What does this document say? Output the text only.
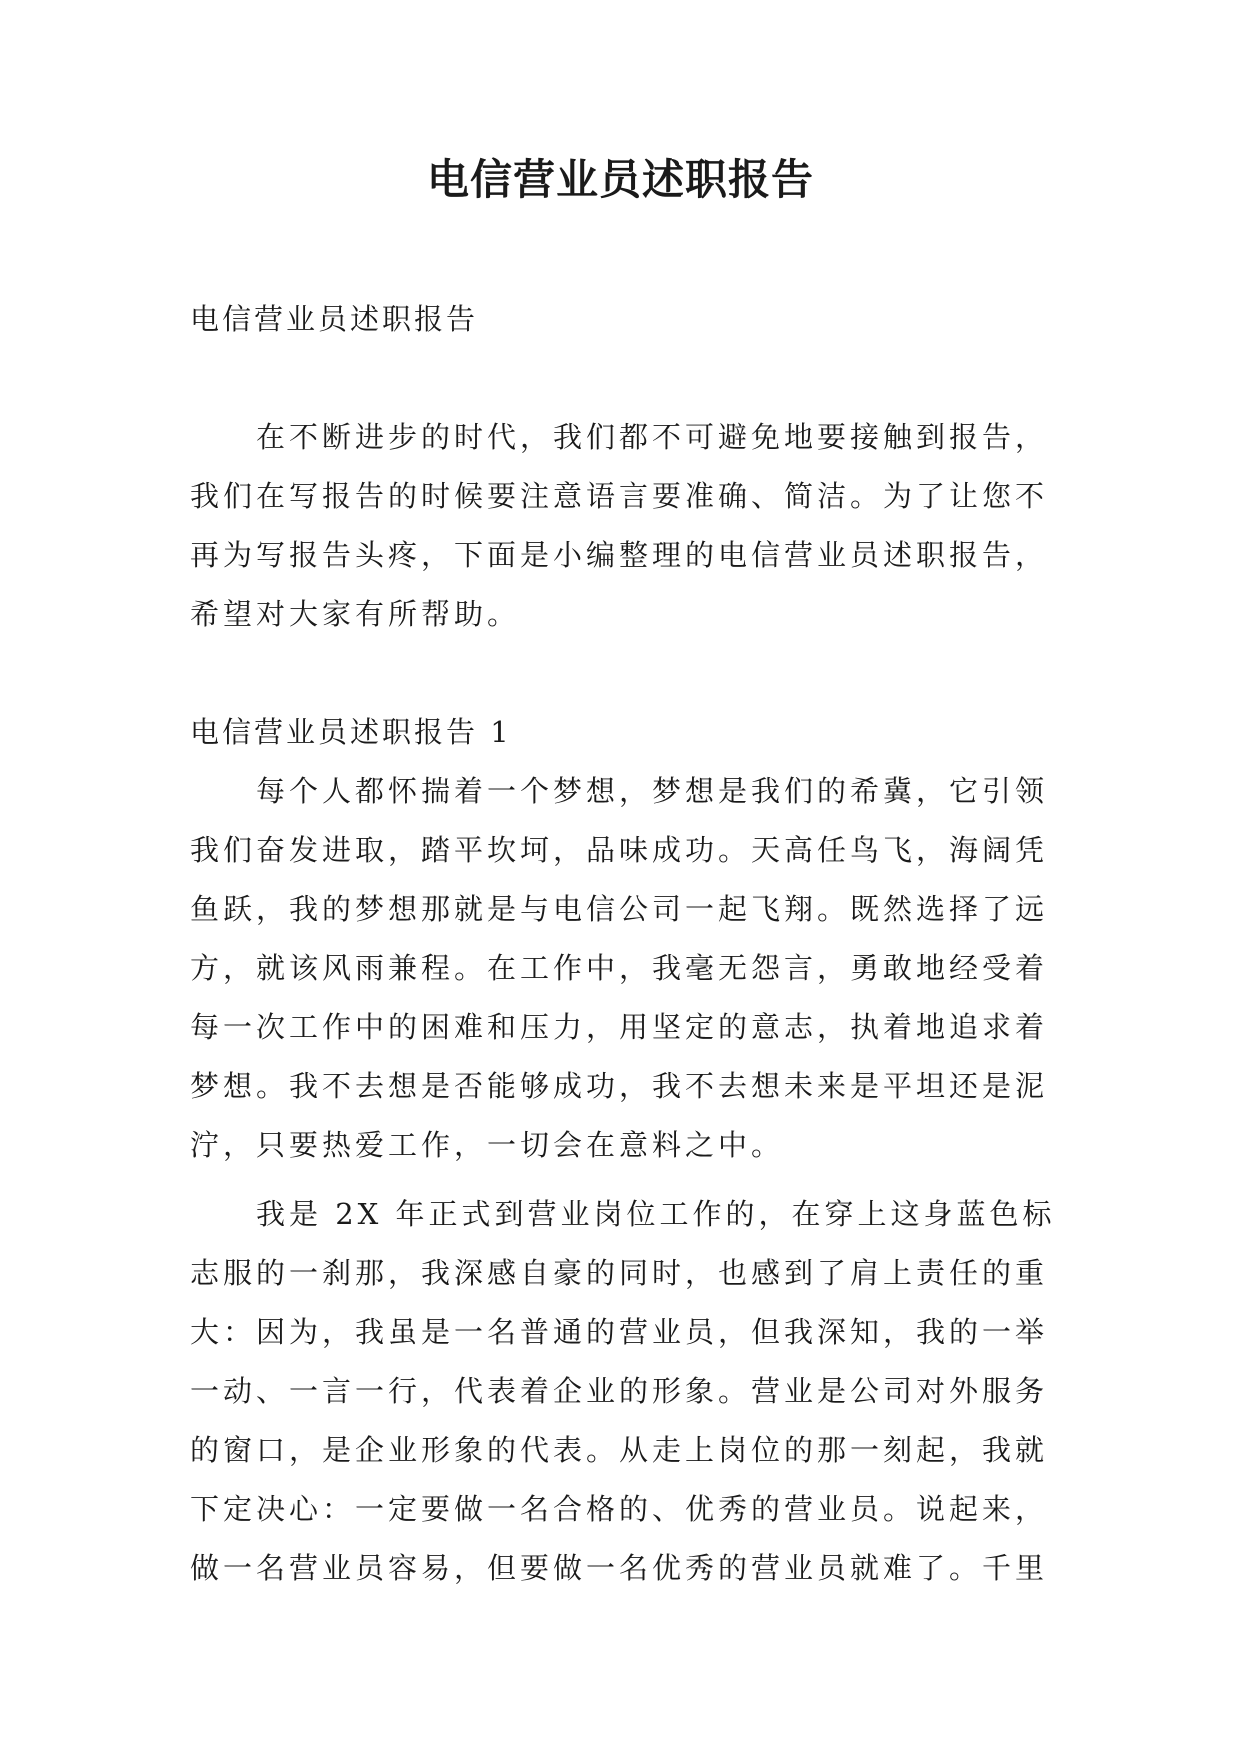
电信营业员述职报告

电信营业员述职报告

在不断进步的时代，我们都不可避免地要接触到报告，我们在写报告的时候要注意语言要准确、简洁。为了让您不再为写报告头疼，下面是小编整理的电信营业员述职报告，希望对大家有所帮助。

电信营业员述职报告 1

每个人都怀揣着一个梦想，梦想是我们的希冀，它引领我们奋发进取，踏平坎坷，品味成功。天高任鸟飞，海阔凭鱼跃，我的梦想那就是与电信公司一起飞翔。既然选择了远方，就该风雨兼程。在工作中，我毫无怨言，勇敢地经受着每一次工作中的困难和压力，用坚定的意志，执着地追求着梦想。我不去想是否能够成功，我不去想未来是平坦还是泥泞，只要热爱工作，一切会在意料之中。

我是 2X 年正式到营业岗位工作的，在穿上这身蓝色标志服的一刹那，我深感自豪的同时，也感到了肩上责任的重大：因为，我虽是一名普通的营业员，但我深知，我的一举一动、一言一行，代表着企业的形象。营业是公司对外服务的窗口，是企业形象的代表。从走上岗位的那一刻起，我就下定决心：一定要做一名合格的、优秀的营业员。说起来，做一名营业员容易，但要做一名优秀的营业员就难了。千里
